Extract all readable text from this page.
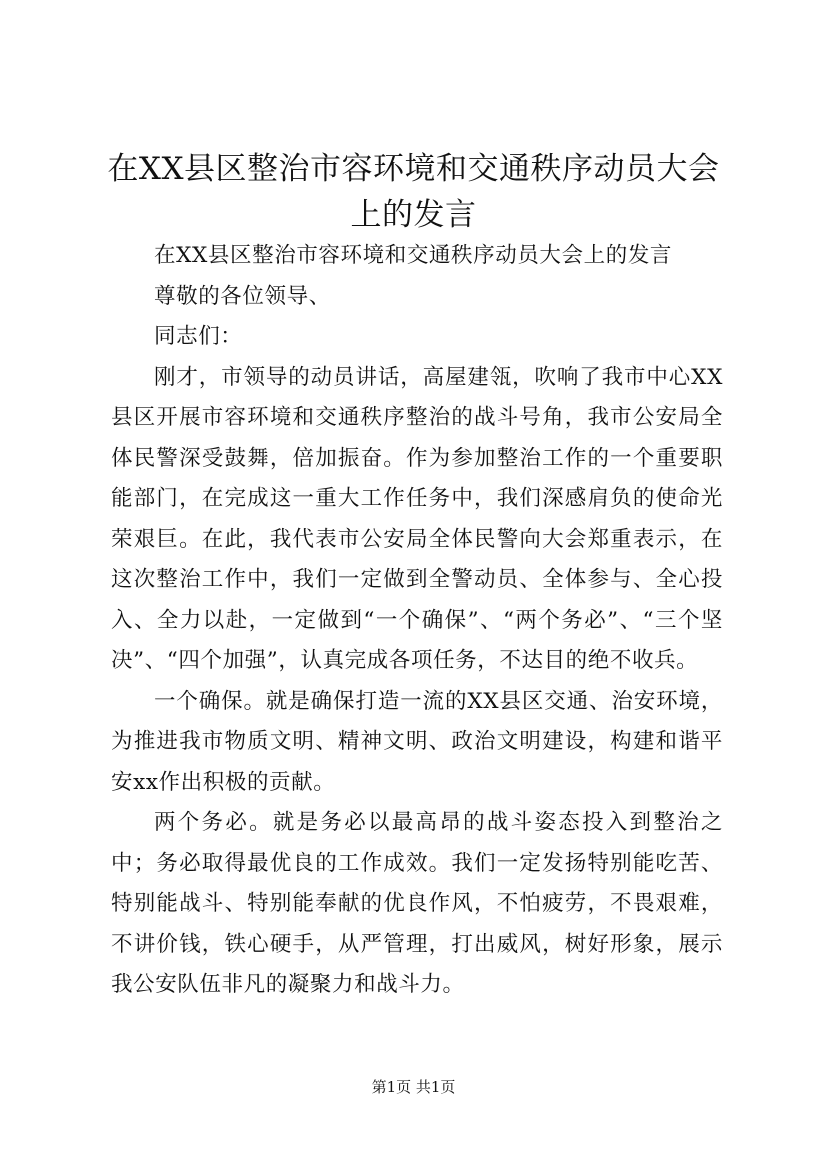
在XX县区整治市容环境和交通秩序动员大会上的发言

在XX县区整治市容环境和交通秩序动员大会上的发言

尊敬的各位领导、

同志们：

刚才，市领导的动员讲话，高屋建瓴，吹响了我市中心XX县区开展市容环境和交通秩序整治的战斗号角，我市公安局全体民警深受鼓舞，倍加振奋。作为参加整治工作的一个重要职能部门，在完成这一重大工作任务中，我们深感肩负的使命光荣艰巨。在此，我代表市公安局全体民警向大会郑重表示，在这次整治工作中，我们一定做到全警动员、全体参与、全心投入、全力以赴，一定做到“一个确保”、“两个务必”、“三个坚决”、“四个加强”，认真完成各项任务，不达目的绝不收兵。

一个确保。就是确保打造一流的XX县区交通、治安环境，为推进我市物质文明、精神文明、政治文明建设，构建和谐平安xx作出积极的贡献。

两个务必。就是务必以最高昂的战斗姿态投入到整治之中；务必取得最优良的工作成效。我们一定发扬特别能吃苦、特别能战斗、特别能奉献的优良作风，不怕疲劳，不畏艰难，不讲价钱，铁心硬手，从严管理，打出威风，树好形象，展示我公安队伍非凡的凝聚力和战斗力。

第1页 共1页
